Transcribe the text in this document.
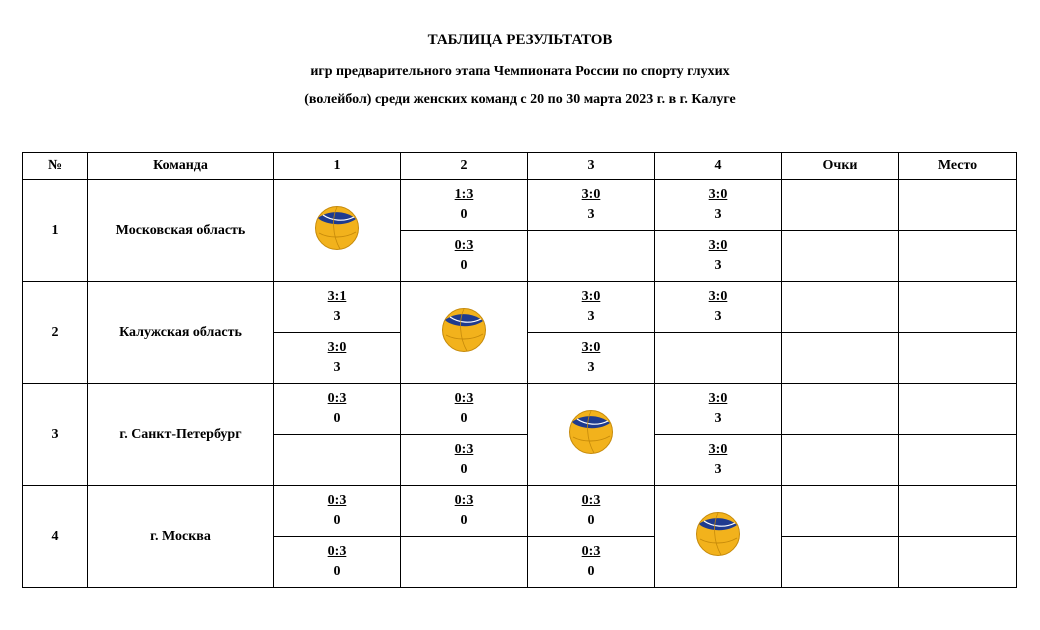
ТАБЛИЦА РЕЗУЛЬТАТОВ
игр предварительного этапа Чемпионата России по спорту глухих
(волейбол) среди женских команд с 20 по 30 марта 2023 г. в г. Калуге
№	Команда	1	2	3	4	Очки	Место
1	Московская область		$\frac{1:3}{0}$	$\frac{3:0}{3}$	$\frac{3:0}{3}$

			$\frac{0:3}{0}$		$\frac{3:0}{3}$

2	Калужская область	$\frac{3:1}{3}$		$\frac{3:0}{3}$	$\frac{3:0}{3}$

		$\frac{3:0}{3}$		$\frac{3:0}{3}$

3	г. Санкт-Петербург	$\frac{0:3}{0}$	$\frac{0:3}{0}$		$\frac{3:0}{3}$

			$\frac{0:3}{0}$		$\frac{3:0}{3}$

4	г. Москва	$\frac{0:3}{0}$	$\frac{0:3}{0}$	$\frac{0:3}{0}$

		$\frac{0:3}{0}$		$\frac{0:3}{0}$
